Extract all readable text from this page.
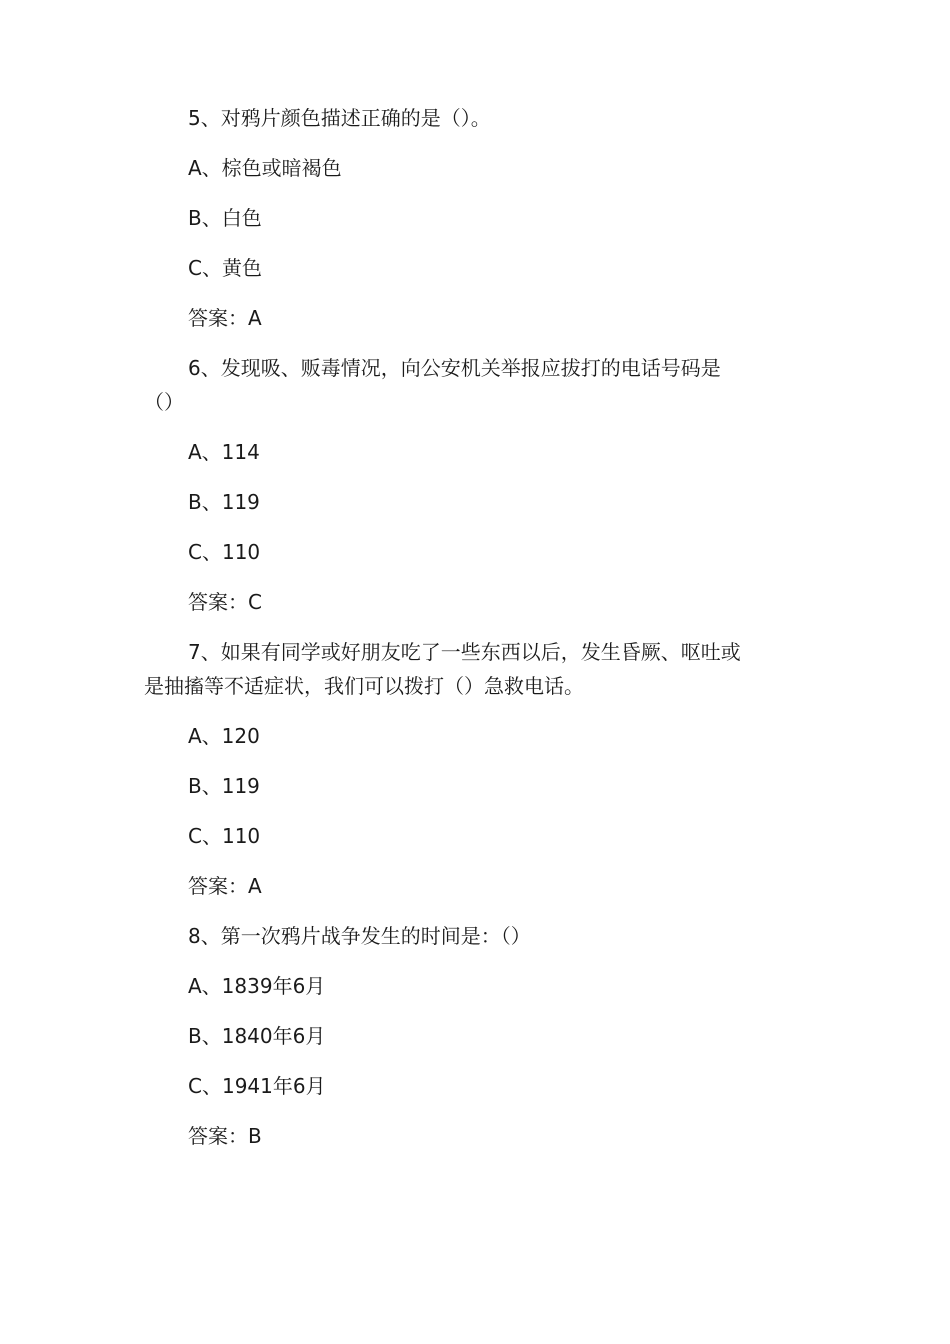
5、对鸦片颜色描述正确的是（）。
A、棕色或暗褐色
B、白色
C、黄色
答案：A
6、发现吸、贩毒情况，向公安机关举报应拔打的电话号码是
（）
A、114
B、119
C、110
答案：C
7、如果有同学或好朋友吃了一些东西以后，发生昏厥、呕吐或
是抽搐等不适症状，我们可以拨打（）急救电话。
A、120
B、119
C、110
答案：A
8、第一次鸦片战争发生的时间是：（）
A、1839年6月
B、1840年6月
C、1941年6月
答案：B
